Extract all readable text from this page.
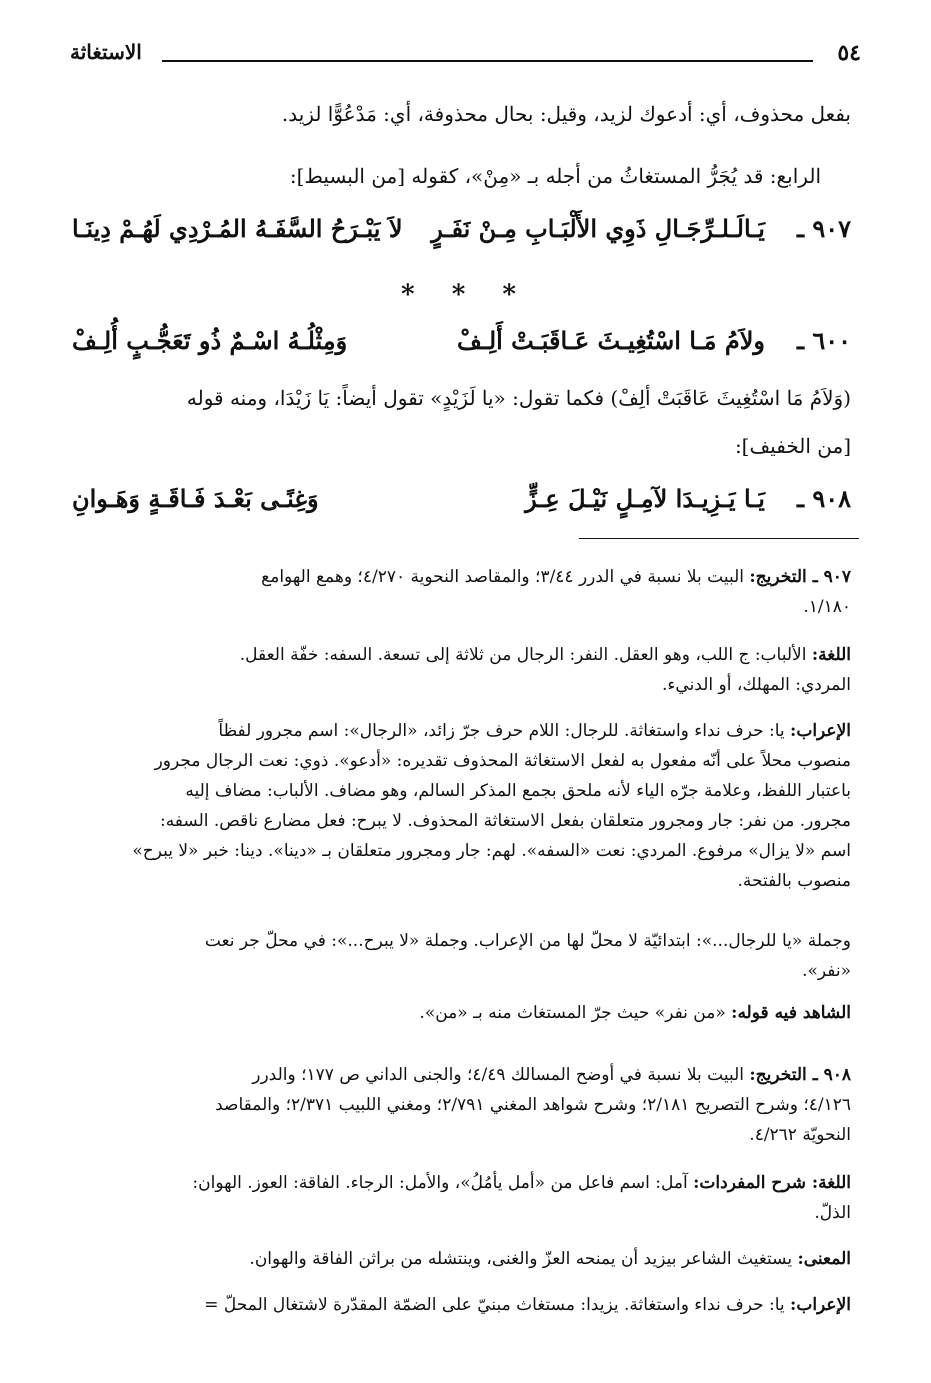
٥٤
الاستغاثة
بفعل محذوف، أي: أدعوك لزيد، وقيل: بحال محذوفة، أي: مَدْعُوًّا لزيد.
الرابع: قد يُجَرُّ المستغاثُ من أجله بـ «مِنْ»، كقوله [من البسيط]:
٩٠٧ ـ
يَـالَـلـرِّجَـالِ ذَوِي الأَلْبَـابِ مِـنْ نَفَـرٍ
لاَ يَبْـرَحُ السَّفَـهُ المُـرْدِي لَهُـمْ دِينَـا
* * *
٦٠٠ ـ
ولاَمُ مَـا اسْتُغِيـثَ عَـاقَبَـتْ أَلِـفْ
وَمِثْلُـهُ اسْـمٌ ذُو تَعَجُّـبٍ أُلِـفْ
(وَلاَمُ مَا اسْتُغِيثَ عَاقَبَتْ أَلِفْ) فكما تقول: «يا لَزَيْدٍ» تقول أيضاً: يَا زَيْدَا، ومنه قوله
[من الخفيف]:
٩٠٨ ـ
يَـا يَـزِيـدَا لآمِـلٍ نَيْـلَ عِـزٍّ
وَغِنًـى بَعْـدَ فَـاقَـةٍ وَهَـوانِ
٩٠٧ ـ التخريج: البيت بلا نسبة في الدرر ٣/٤٤؛ والمقاصد النحوية ٤/٢٧٠؛ وهمع الهوامع
١/١٨٠.
اللغة: الألباب: ج اللب، وهو العقل. النفر: الرجال من ثلاثة إلى تسعة. السفه: خفّة العقل.
المردي: المهلك، أو الدنيء.
الإعراب: يا: حرف نداء واستغاثة. للرجال: اللام حرف جرّ زائد، «الرجال»: اسم مجرور لفظاً
منصوب محلاً على أنّه مفعول به لفعل الاستغاثة المحذوف تقديره: «أدعو». ذوي: نعت الرجال مجرور
باعتبار اللفظ، وعلامة جرّه الياء لأنه ملحق بجمع المذكر السالم، وهو مضاف. الألباب: مضاف إليه
مجرور. من نفر: جار ومجرور متعلقان بفعل الاستغاثة المحذوف. لا يبرح: فعل مضارع ناقص. السفه:
اسم «لا يزال» مرفوع. المردي: نعت «السفه». لهم: جار ومجرور متعلقان بـ «دينا». دينا: خبر «لا يبرح»
منصوب بالفتحة.
وجملة «يا للرجال...»: ابتدائيّة لا محلّ لها من الإعراب. وجملة «لا يبرح...»: في محلّ جر نعت
«نفر».
الشاهد فيه قوله: «من نفر» حيث جرّ المستغاث منه بـ «من».
٩٠٨ ـ التخريج: البيت بلا نسبة في أوضح المسالك ٤/٤٩؛ والجنى الداني ص ١٧٧؛ والدرر
٤/١٢٦؛ وشرح التصريح ٢/١٨١؛ وشرح شواهد المغني ٢/٧٩١؛ ومغني اللبيب ٢/٣٧١؛ والمقاصد
النحويّة ٤/٢٦٢.
اللغة: شرح المفردات: آمل: اسم فاعل من «أمل يأمُلُ»، والأمل: الرجاء. الفاقة: العوز. الهوان:
الذلّ.
المعنى: يستغيث الشاعر بيزيد أن يمنحه العزّ والغنى، وينتشله من براثن الفاقة والهوان.
الإعراب: يا: حرف نداء واستغاثة. يزيدا: مستغاث مبنيّ على الضمّة المقدّرة لاشتغال المحلّ =
